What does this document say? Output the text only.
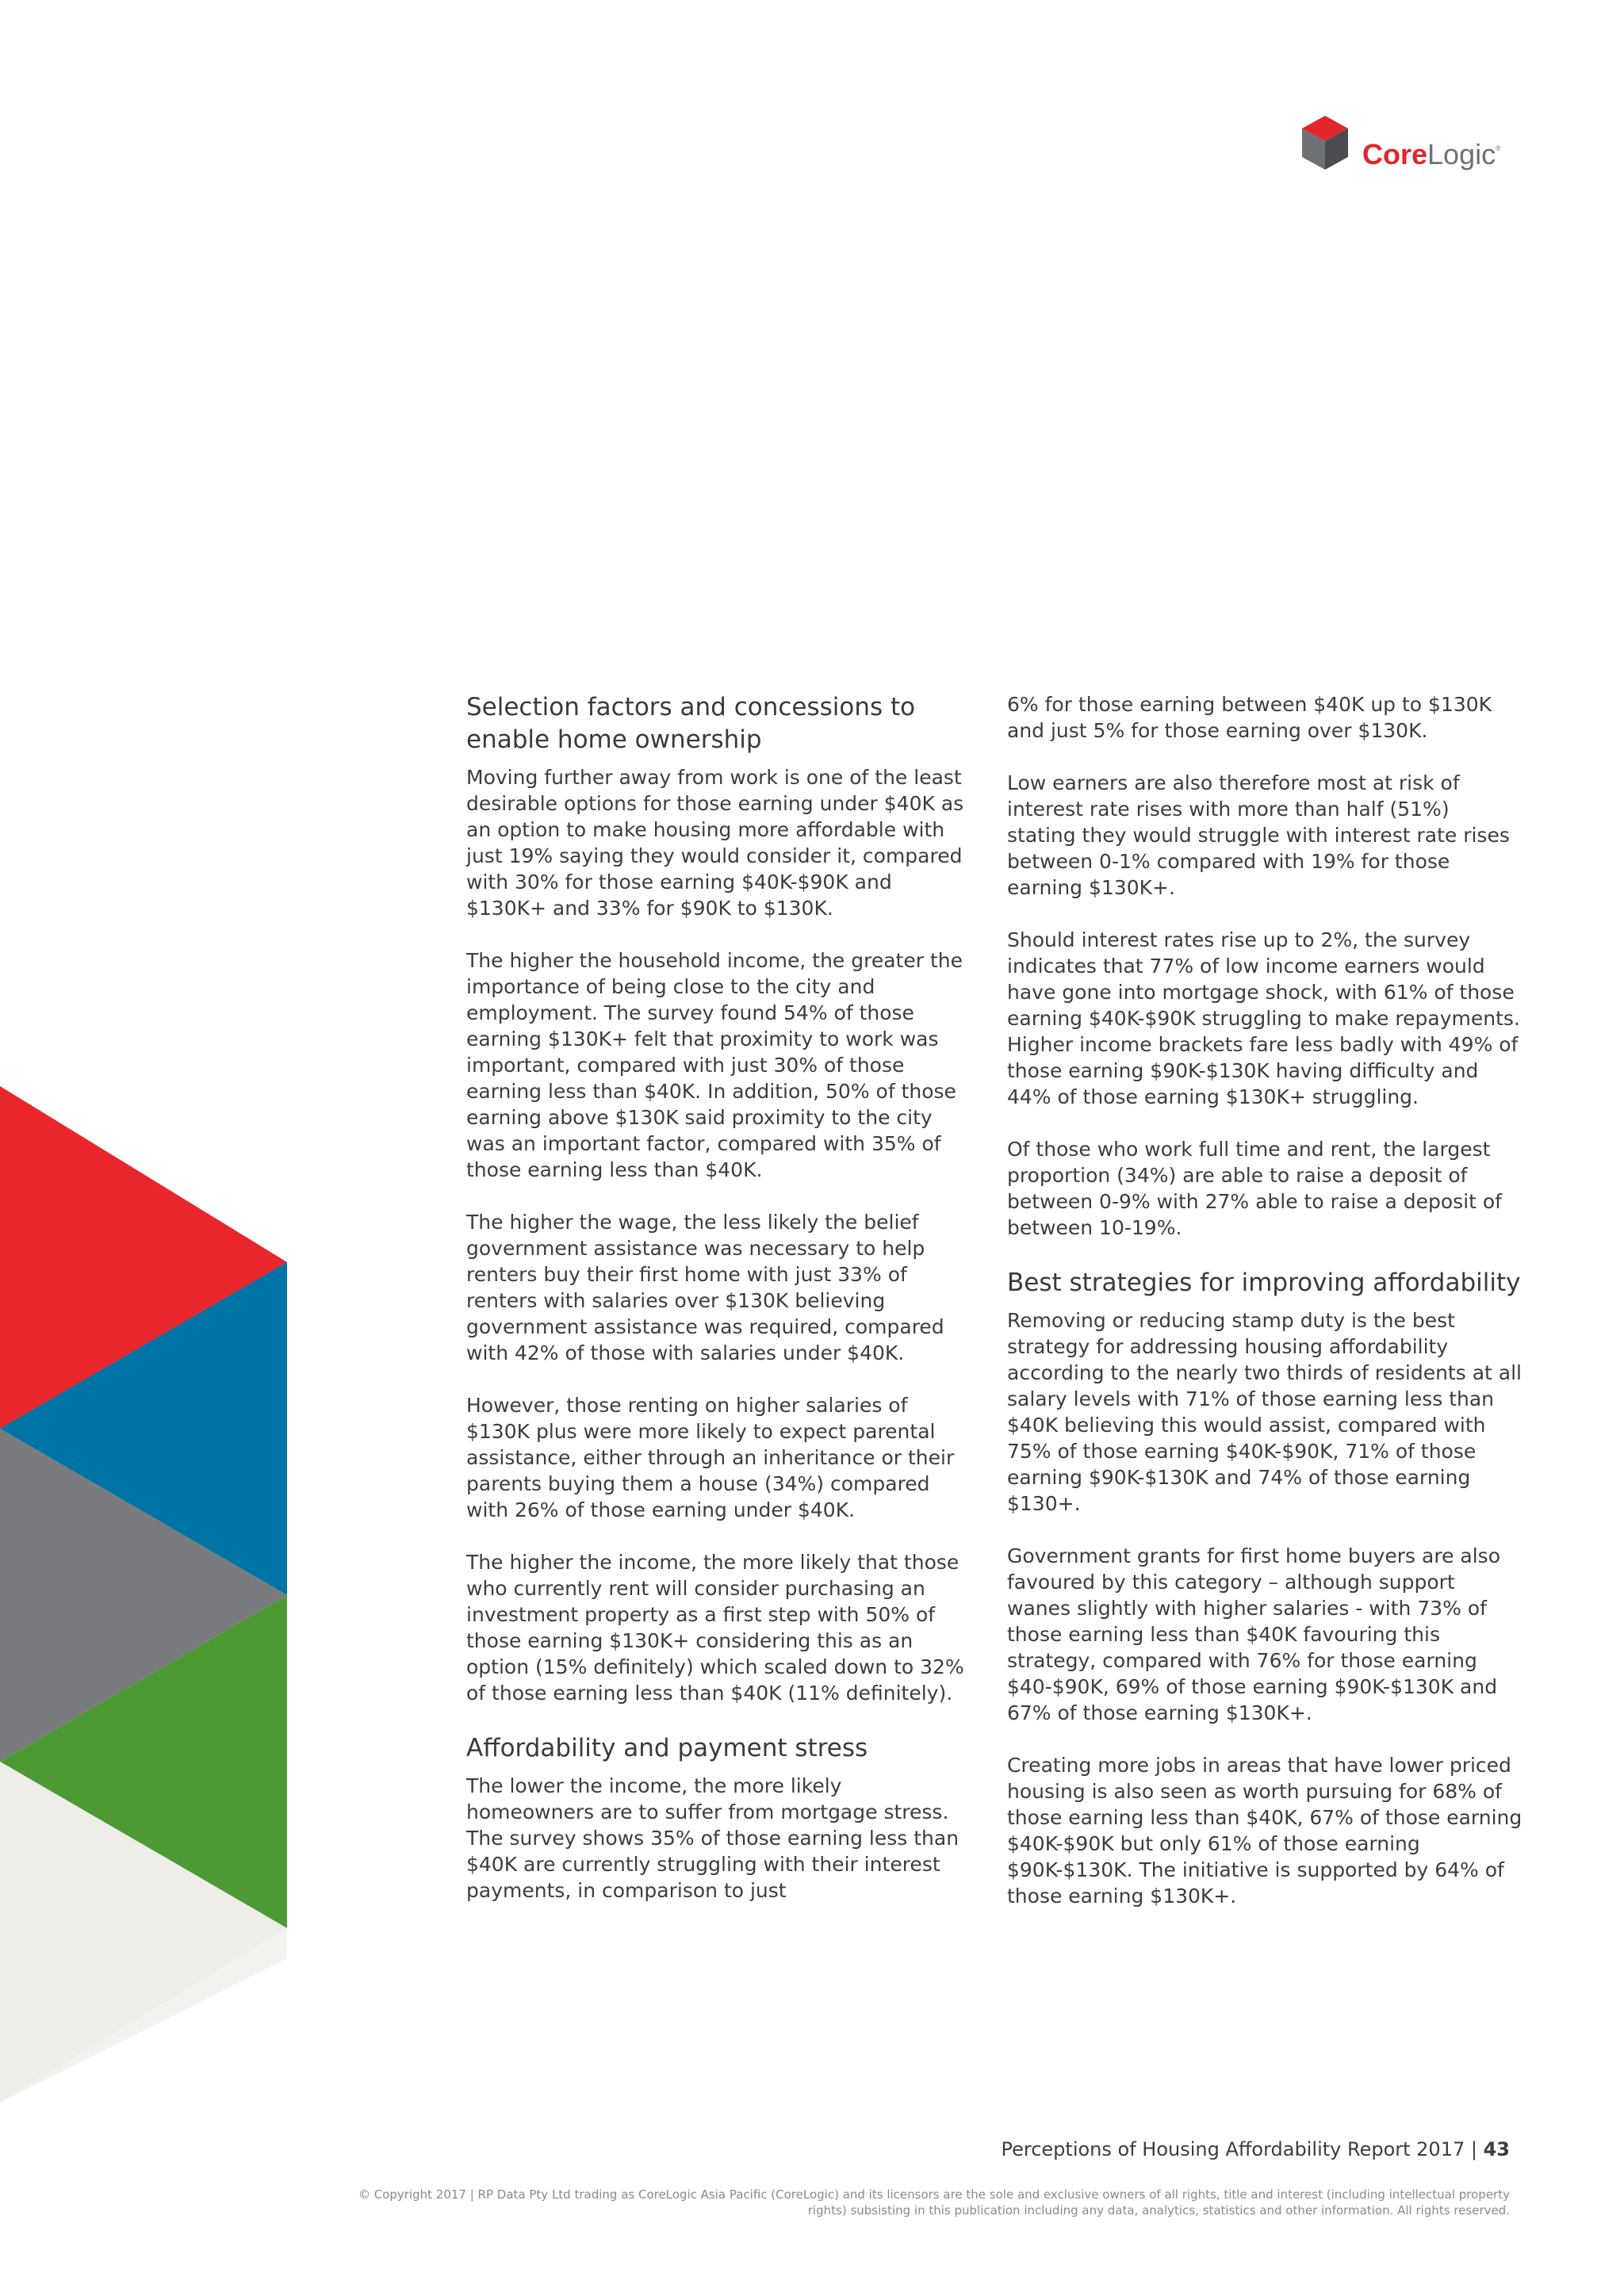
CoreLogic ®
Selection factors and concessions to enable home ownership

Moving further away from work is one of the least desirable options for those earning under $40K as an option to make housing more affordable with just 19% saying they would consider it, compared with 30% for those earning $40K-$90K and $130K+ and 33% for $90K to $130K.

The higher the household income, the greater the importance of being close to the city and employment. The survey found 54% of those earning $130K+ felt that proximity to work was important, compared with just 30% of those earning less than $40K. In addition, 50% of those earning above $130K said proximity to the city was an important factor, compared with 35% of those earning less than $40K.

The higher the wage, the less likely the belief government assistance was necessary to help renters buy their first home with just 33% of renters with salaries over $130K believing government assistance was required, compared with 42% of those with salaries under $40K.

However, those renting on higher salaries of $130K plus were more likely to expect parental assistance, either through an inheritance or their parents buying them a house (34%) compared with 26% of those earning under $40K.

The higher the income, the more likely that those who currently rent will consider purchasing an investment property as a first step with 50% of those earning $130K+ considering this as an option (15% definitely) which scaled down to 32% of those earning less than $40K (11% definitely).

Affordability and payment stress

The lower the income, the more likely homeowners are to suffer from mortgage stress. The survey shows 35% of those earning less than $40K are currently struggling with their interest payments, in comparison to just

6% for those earning between $40K up to $130K and just 5% for those earning over $130K.

Low earners are also therefore most at risk of interest rate rises with more than half (51%) stating they would struggle with interest rate rises between 0-1% compared with 19% for those earning $130K+.

Should interest rates rise up to 2%, the survey indicates that 77% of low income earners would have gone into mortgage shock, with 61% of those earning $40K-$90K struggling to make repayments. Higher income brackets fare less badly with 49% of those earning $90K-$130K having difficulty and 44% of those earning $130K+ struggling.

Of those who work full time and rent, the largest proportion (34%) are able to raise a deposit of between 0-9% with 27% able to raise a deposit of between 10-19%.

Best strategies for improving affordability

Removing or reducing stamp duty is the best strategy for addressing housing affordability according to the nearly two thirds of residents at all salary levels with 71% of those earning less than $40K believing this would assist, compared with 75% of those earning $40K-$90K, 71% of those earning $90K-$130K and 74% of those earning $130+.

Government grants for first home buyers are also favoured by this category – although support wanes slightly with higher salaries - with 73% of those earning less than $40K favouring this strategy, compared with 76% for those earning $40-$90K, 69% of those earning $90K-$130K and 67% of those earning $130K+.

Creating more jobs in areas that have lower priced housing is also seen as worth pursuing for 68% of those earning less than $40K, 67% of those earning $40K-$90K but only 61% of those earning $90K-$130K. The initiative is supported by 64% of those earning $130K+.

Perceptions of Housing Affordability Report 2017 | 43
© Copyright 2017 | RP Data Pty Ltd trading as CoreLogic Asia Pacific (CoreLogic) and its licensors are the sole and exclusive owners of all rights, title and interest (including intellectual property rights) subsisting in this publication including any data, analytics, statistics and other information. All rights reserved.
